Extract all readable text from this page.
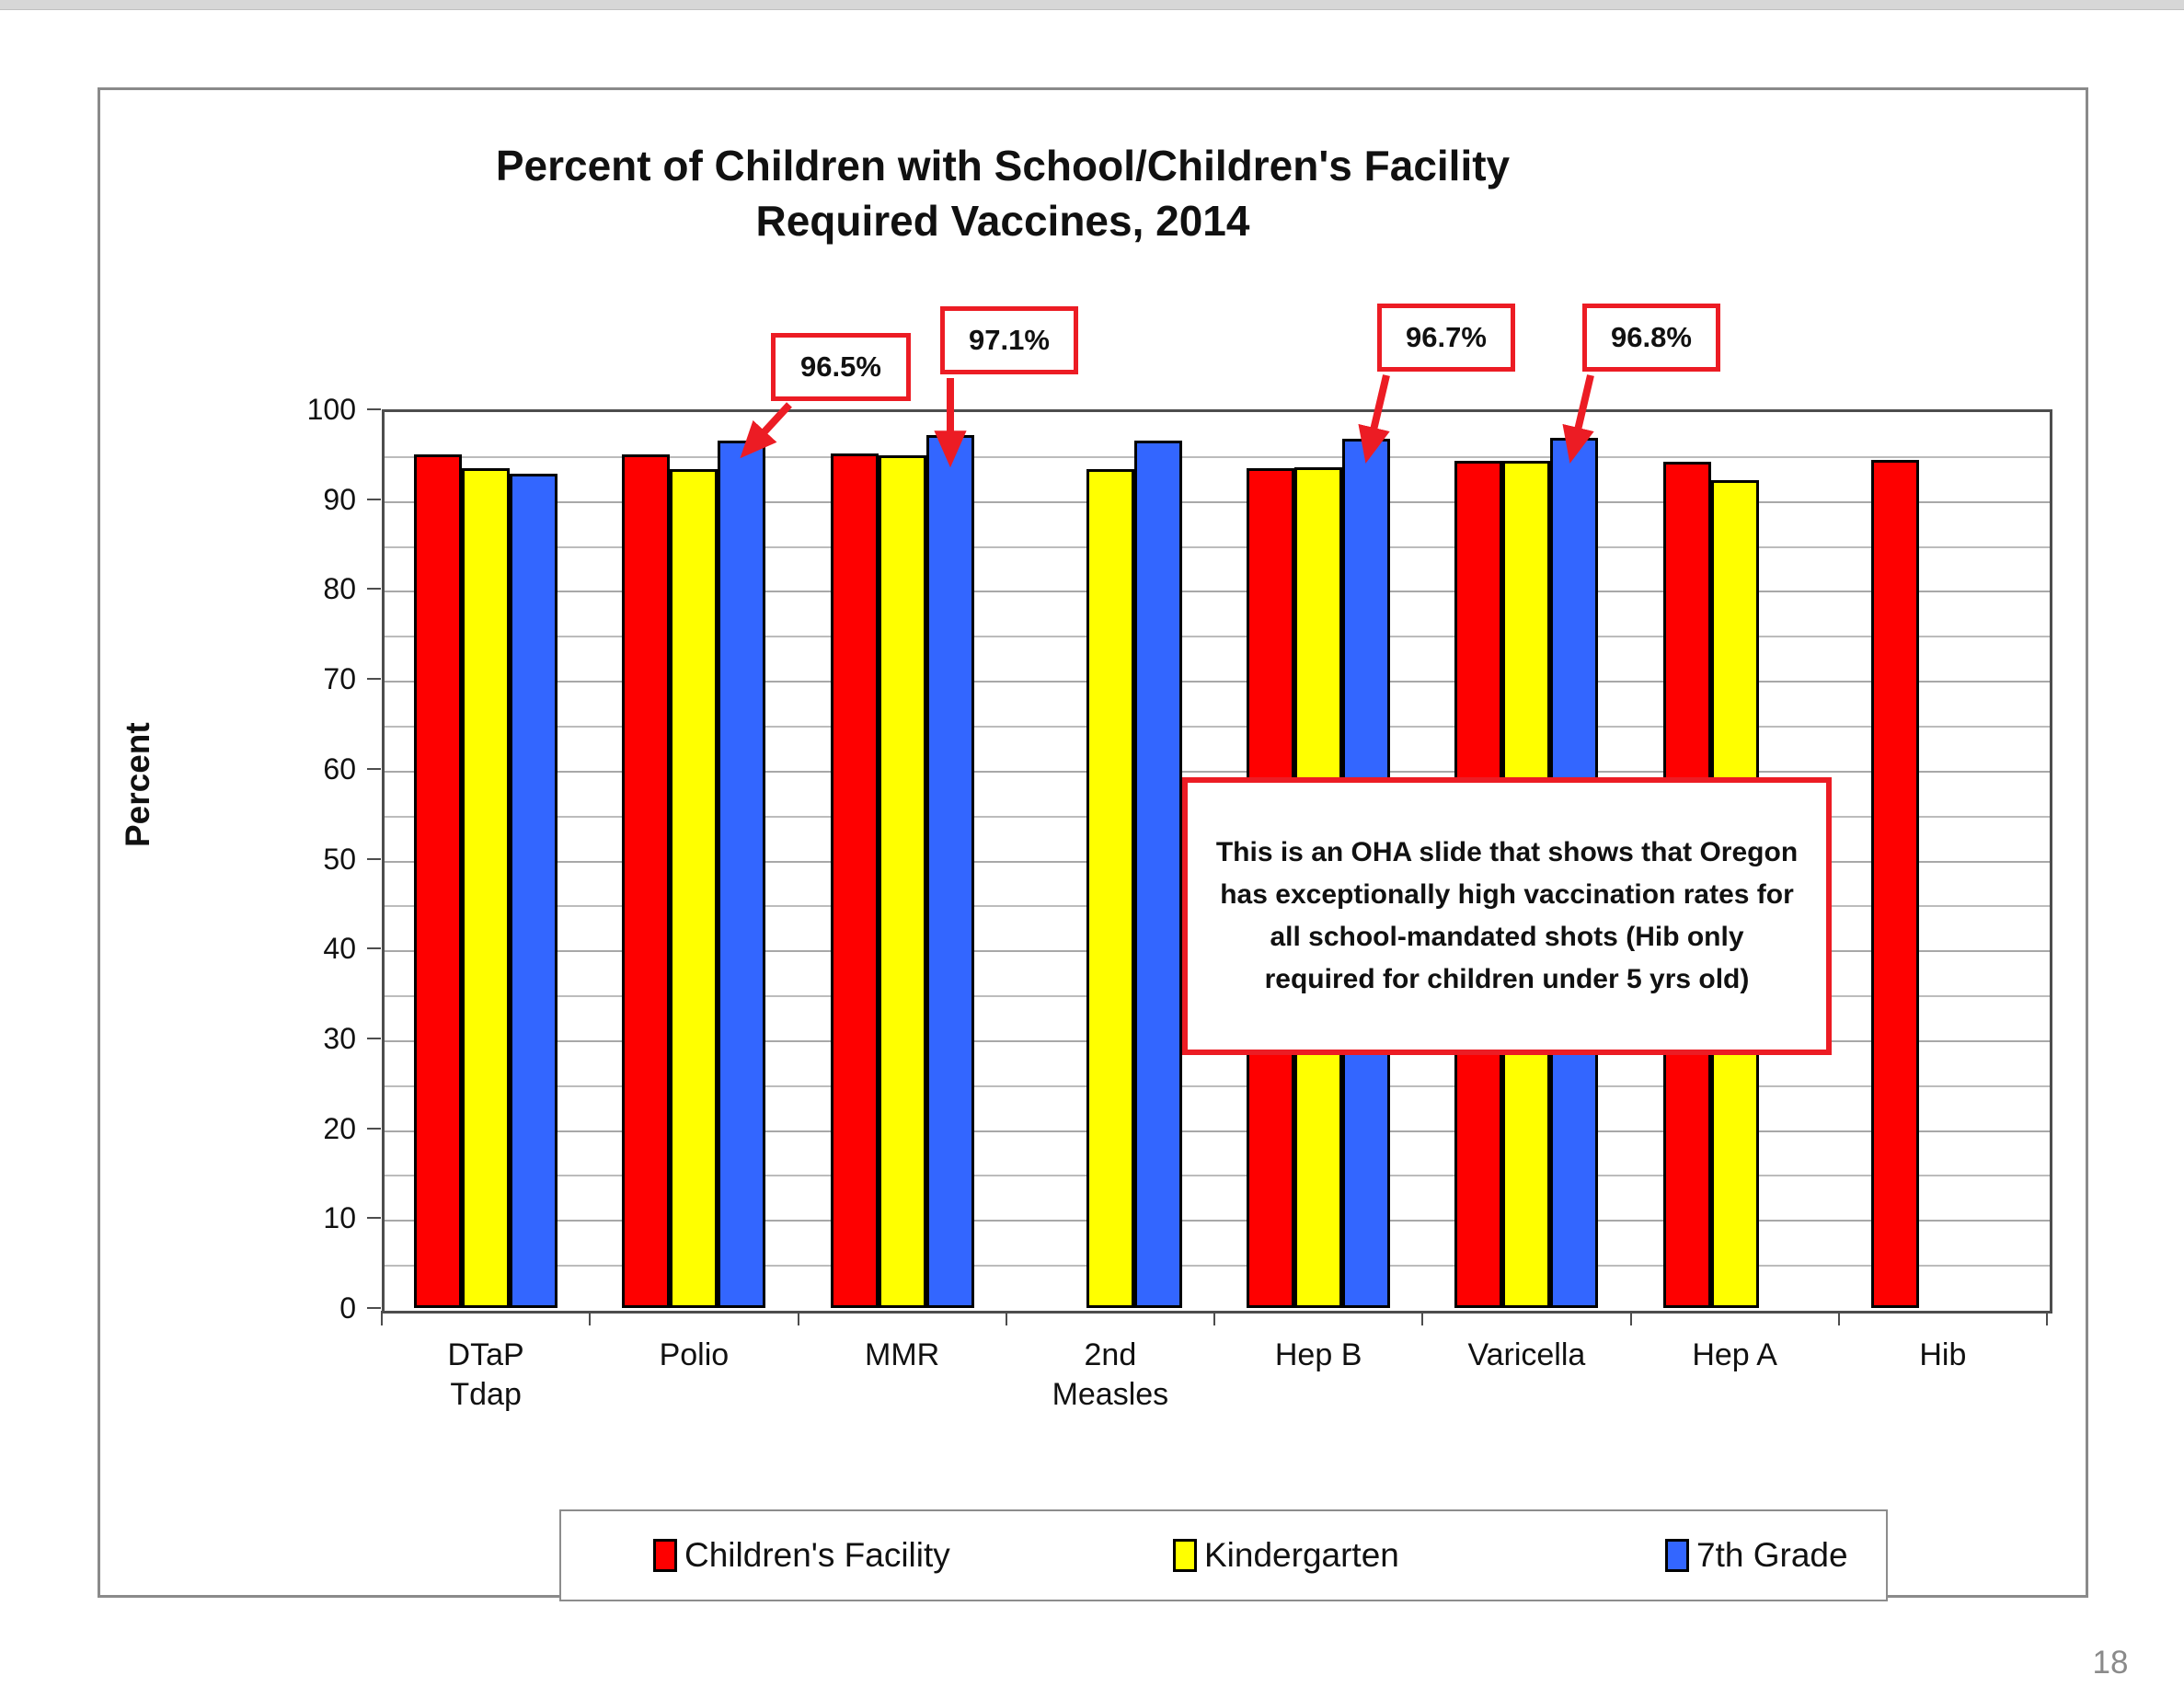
18
Percent of Children with School/Children's Facility
Required Vaccines, 2014
0
10
20
30
40
50
60
70
80
90
100
DTaP
Tdap
Polio	MMR	2nd
Measles
Hep B	Varicella	Hep A	Hib
This is an OHA slide that shows that Oregon has exceptionally high vaccination rates for all school-mandated shots (Hib only required for children under 5 yrs old)
96.5%
97.1%	96.7%	96.8%
Children's Facility	Kindergarten	7th Grade
